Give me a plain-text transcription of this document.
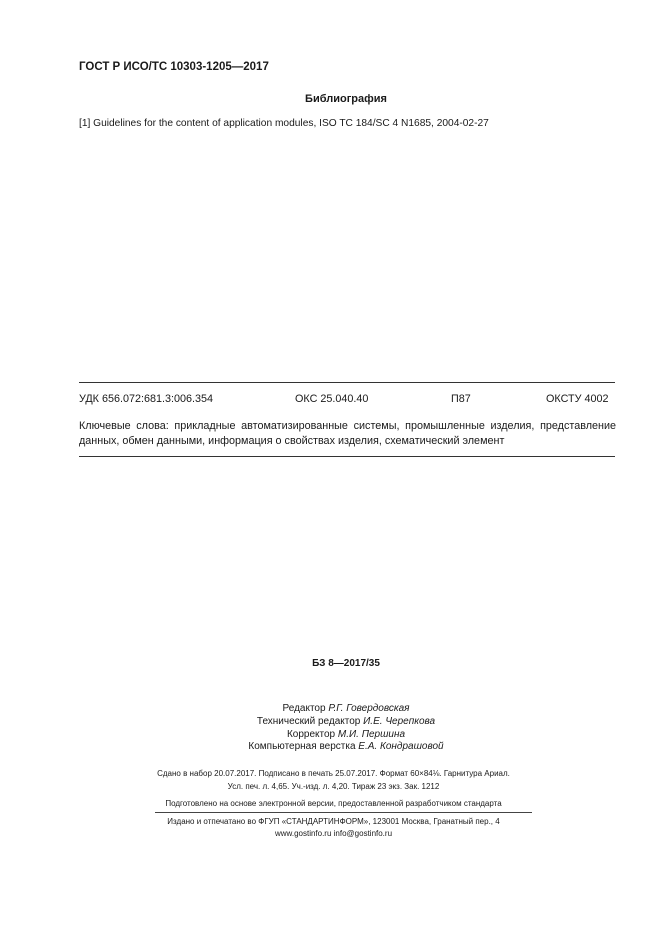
ГОСТ Р ИСО/ТС 10303-1205—2017
Библиография
[1] Guidelines for the content of application modules, ISO TC 184/SC 4 N1685, 2004-02-27
УДК 656.072:681.3:006.354	ОКС 25.040.40	П87	ОКСТУ 4002
Ключевые слова: прикладные автоматизированные системы, промышленные изделия, представление данных, обмен данными, информация о свойствах изделия, схематический элемент
БЗ 8—2017/35
Редактор Р.Г. Говердовская
Технический редактор И.Е. Черепкова
Корректор М.И. Першина
Компьютерная верстка Е.А. Кондрашовой
Сдано в набор 20.07.2017. Подписано в печать 25.07.2017. Формат 60×84⅛. Гарнитура Ариал.
Усл. печ. л. 4,65. Уч.-изд. л. 4,20. Тираж 23 экз. Зак. 1212
Подготовлено на основе электронной версии, предоставленной разработчиком стандарта
Издано и отпечатано во ФГУП «СТАНДАРТИНФОРМ», 123001 Москва, Гранатный пер., 4
www.gostinfo.ru info@gostinfo.ru
